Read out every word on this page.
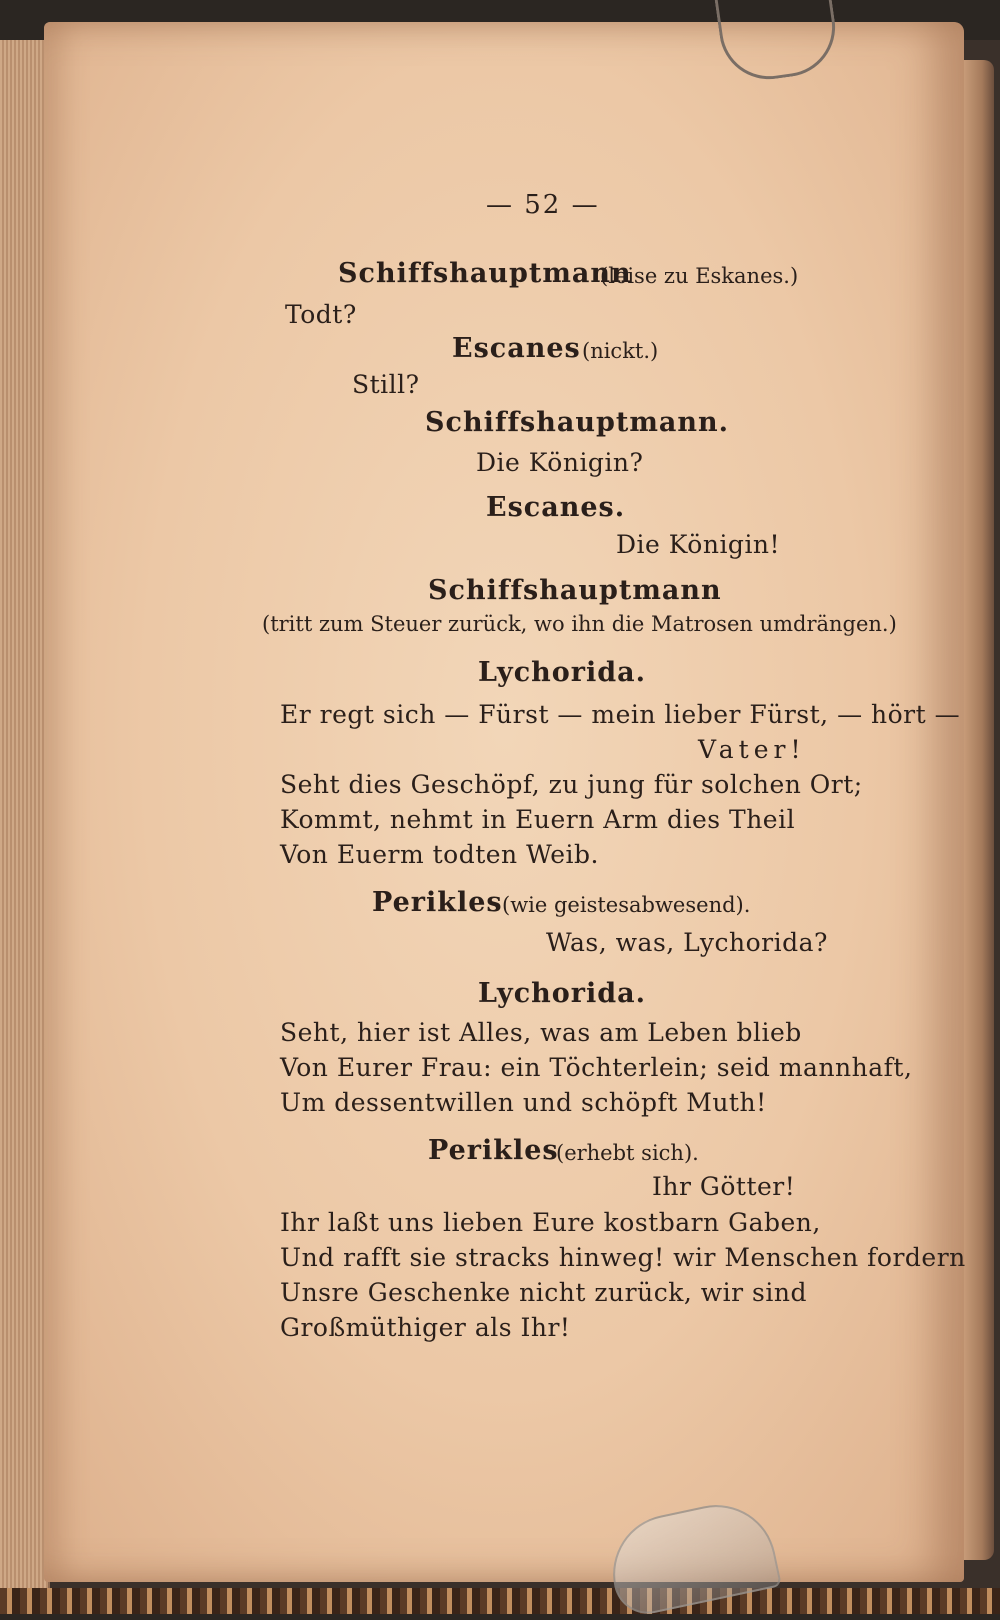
— 52 —
Schiffshauptmann
(leise zu Eskanes.)
Todt?
Escanes (nickt.)
Still?
Schiffshauptmann.
Die Königin?
Escanes.
Die Königin!
Schiffshauptmann
(tritt zum Steuer zurück, wo ihn die Matrosen umdrängen.)
Lychorida.
Er regt sich — Fürst — mein lieber Fürst, — hört —
Vater!
Seht dies Geschöpf, zu jung für solchen Ort;
Kommt, nehmt in Euern Arm dies Theil
Von Euerm todten Weib.
Perikles (wie geistesabwesend).
Was, was, Lychorida?
Lychorida.
Seht, hier ist Alles, was am Leben blieb
Von Eurer Frau: ein Töchterlein; seid mannhaft,
Um dessentwillen und schöpft Muth!
Perikles
(erhebt sich).
Ihr Götter!
Ihr laßt uns lieben Eure kostbarn Gaben,
Und rafft sie stracks hinweg! wir Menschen fordern
Unsre Geschenke nicht zurück, wir sind
Großmüthiger als Ihr!
